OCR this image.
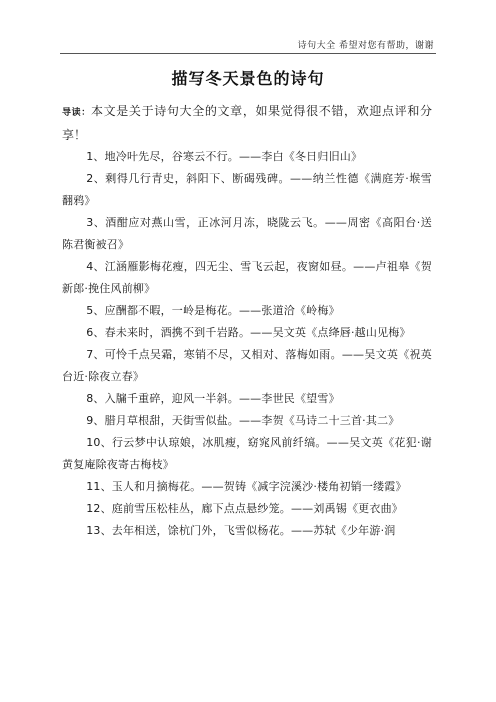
诗句大全 希望对您有帮助，谢谢
描写冬天景色的诗句

导读：本文是关于诗句大全的文章，如果觉得很不错，欢迎点评和分享！

1、地冷叶先尽，谷寒云不行。——李白《冬日归旧山》
2、剩得几行青史，斜阳下、断碣残碑。——纳兰性德《满庭芳·堠雪翻鸦》
3、酒酣应对燕山雪，正冰河月冻，晓陇云飞。——周密《高阳台·送陈君衡被召》
4、江涵雁影梅花瘦，四无尘、雪飞云起，夜窗如昼。——卢祖皋《贺新郎·挽住风前柳》
5、应酬都不暇，一岭是梅花。——张道洽《岭梅》
6、春未来时，酒携不到千岩路。——吴文英《点绛唇·越山见梅》
7、可怜千点吴霜，寒销不尽，又相对、落梅如雨。——吴文英《祝英台近·除夜立春》
8、入牖千重碎，迎风一半斜。——李世民《望雪》
9、腊月草根甜，天街雪似盐。——李贺《马诗二十三首·其二》
10、行云梦中认琼娘，冰肌瘦，窈窕风前纤缟。——吴文英《花犯·谢黄复庵除夜寄古梅枝》
11、玉人和月摘梅花。——贺铸《减字浣溪沙·楼角初销一缕霞》
12、庭前雪压松桂丛，廊下点点悬纱笼。——刘禹锡《更衣曲》
13、去年相送，馀杭门外，飞雪似杨花。——苏轼《少年游·润
